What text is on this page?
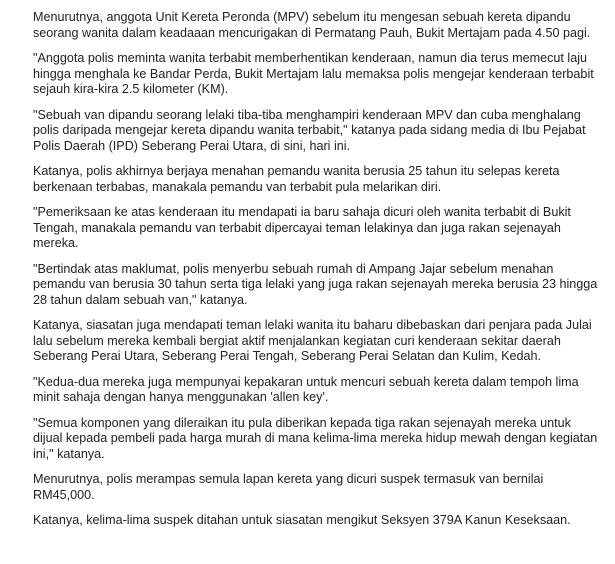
Menurutnya, anggota Unit Kereta Peronda (MPV) sebelum itu mengesan sebuah kereta dipandu seorang wanita dalam keadaaan mencurigakan di Permatang Pauh, Bukit Mertajam pada 4.50 pagi.

"Anggota polis meminta wanita terbabit memberhentikan kenderaan, namun dia terus memecut laju hingga menghala ke Bandar Perda, Bukit Mertajam lalu memaksa polis mengejar kenderaan terbabit sejauh kira-kira 2.5 kilometer (KM).

"Sebuah van dipandu seorang lelaki tiba-tiba menghampiri kenderaan MPV dan cuba menghalang polis daripada mengejar kereta dipandu wanita terbabit," katanya pada sidang media di Ibu Pejabat Polis Daerah (IPD) Seberang Perai Utara, di sini, hari ini.

Katanya, polis akhirnya berjaya menahan pemandu wanita berusia 25 tahun itu selepas kereta berkenaan terbabas, manakala pemandu van terbabit pula melarikan diri.

"Pemeriksaan ke atas kenderaan itu mendapati ia baru sahaja dicuri oleh wanita terbabit di Bukit Tengah, manakala pemandu van terbabit dipercayai teman lelakinya dan juga rakan sejenayah mereka.

"Bertindak atas maklumat, polis menyerbu sebuah rumah di Ampang Jajar sebelum menahan pemandu van berusia 30 tahun serta tiga lelaki yang juga rakan sejenayah mereka berusia 23 hingga 28 tahun dalam sebuah van," katanya.

Katanya, siasatan juga mendapati teman lelaki wanita itu baharu dibebaskan dari penjara pada Julai lalu sebelum mereka kembali bergiat aktif menjalankan kegiatan curi kenderaan sekitar daerah Seberang Perai Utara, Seberang Perai Tengah, Seberang Perai Selatan dan Kulim, Kedah.

"Kedua-dua mereka juga mempunyai kepakaran untuk mencuri sebuah kereta dalam tempoh lima minit sahaja dengan hanya menggunakan 'allen key'.

"Semua komponen yang dileraikan itu pula diberikan kepada tiga rakan sejenayah mereka untuk dijual kepada pembeli pada harga murah di mana kelima-lima mereka hidup mewah dengan kegiatan ini," katanya.

Menurutnya, polis merampas semula lapan kereta yang dicuri suspek termasuk van bernilai RM45,000.

Katanya, kelima-lima suspek ditahan untuk siasatan mengikut Seksyen 379A Kanun Keseksaan.
